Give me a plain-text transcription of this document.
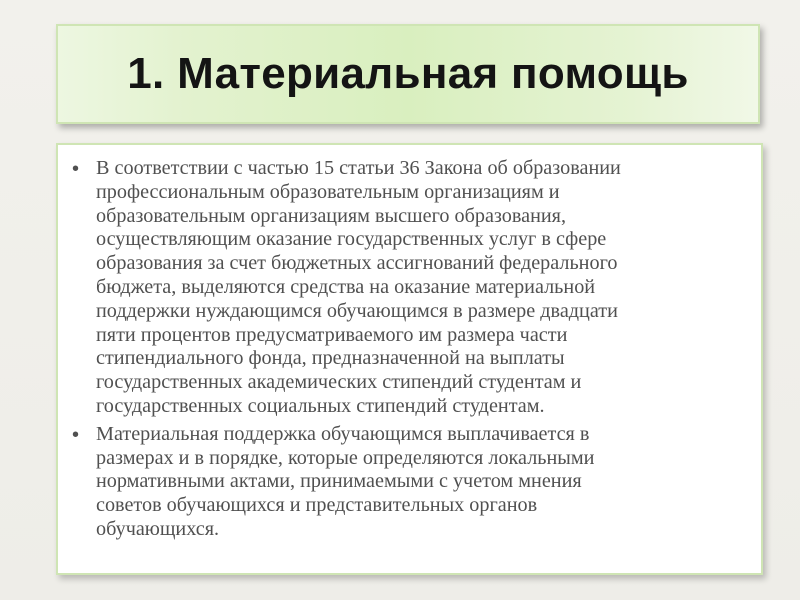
1. Материальная помощь
• В соответствии с частью 15 статьи 36 Закона об образовании
профессиональным образовательным организациям и
образовательным организациям высшего образования,
осуществляющим оказание государственных услуг в сфере
образования за счет бюджетных ассигнований федерального
бюджета, выделяются средства на оказание материальной
поддержки нуждающимся обучающимся в размере двадцати
пяти процентов предусматриваемого им размера части
стипендиального фонда, предназначенной на выплаты
государственных академических стипендий студентам и
государственных социальных стипендий студентам.

• Материальная поддержка обучающимся выплачивается в
размерах и в порядке, которые определяются локальными
нормативными актами, принимаемыми с учетом мнения
советов обучающихся и представительных органов
обучающихся.
